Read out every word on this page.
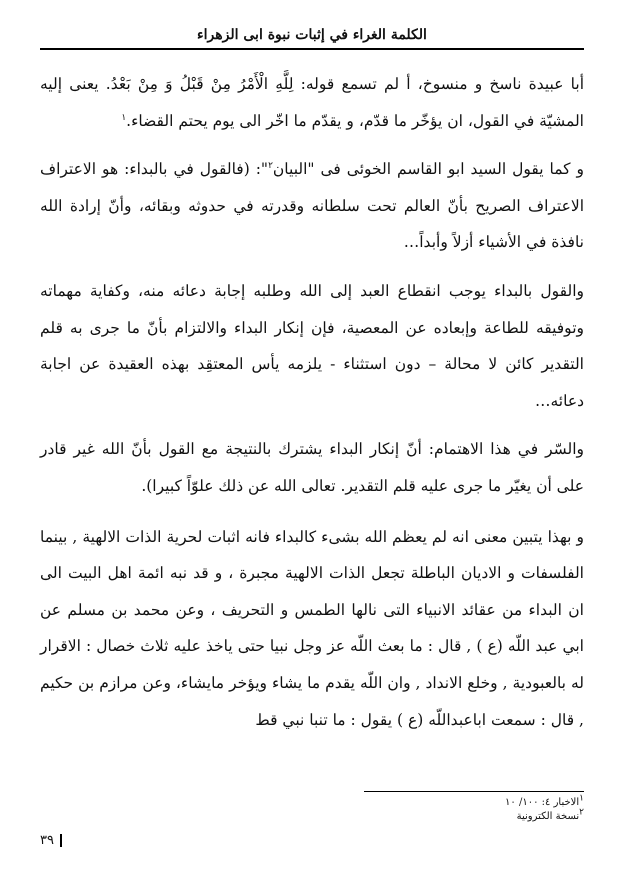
الكلمة الغراء في إثبات نبوة ابى الزهراء

أبا عبيدة ناسخ و منسوخ، أ لم تسمع قوله: لِلَّهِ الْأَمْرُ مِنْ قَبْلُ وَ مِنْ بَعْدُ. يعنى إليه المشيّة في القول، ان يؤخّر ما قدّم، و يقدّم ما اخّر الى يوم يحتم القضاء.$^١$

و كما يقول السيد ابو القاسم الخوئى فى "البيان$^٢$": (فالقول في بالبداء: هو الاعتراف الاعتراف الصريح بأنّ العالم تحت سلطانه وقدرته في حدوثه وبقائه، وأنّ إرادة الله نافذة في الأشياء أزلاً وأبداً…

والقول بالبداء يوجب انقطاع العبد إلى الله وطلبه إجابة دعائه منه، وكفاية مهماته وتوفيقه للطاعة وإبعاده عن المعصية، فإن إنكار البداء والالتزام بأنّ ما جرى به قلم التقدير كائن لا محالة – دون استثناء - يلزمه يأس المعتقِد بهذه العقيدة عن اجابة دعائه…

والسّر في هذا الاهتمام: أنّ إنكار البداء يشترك بالنتيجة مع القول بأنّ الله غير قادر على أن يغيّر ما جرى عليه قلم التقدير. تعالى الله عن ذلك علوّاً كبيرا).

و بهذا يتبين معنى انه لم يعظم الله بشىء كالبداء فانه اثبات لحرية الذات الالهية , بينما الفلسفات و الاديان الباطلة تجعل الذات الالهية مجبرة ، و قد نبه ائمة اهل البيت الى ان البداء من عقائد الانبياء التى نالها الطمس و التحريف ، وعن محمد بن مسلم عن ابي عبد اللّه (ع ) , قال : ما بعث اللّه عز وجل نبيا حتى ياخذ عليه ثلاث خصال : الاقرار له بالعبودية , وخلع الانداد , وان اللّه يقدم ما يشاء ويؤخر مايشاء، وعن مرازم بن حكيم , قال : سمعت اباعبداللّه (ع ) يقول : ما تنبا نبي قط

$^١$الاخبار ٤: ١٠٠/ ١٠
$^٢$نسخة الكترونية
٣٩
